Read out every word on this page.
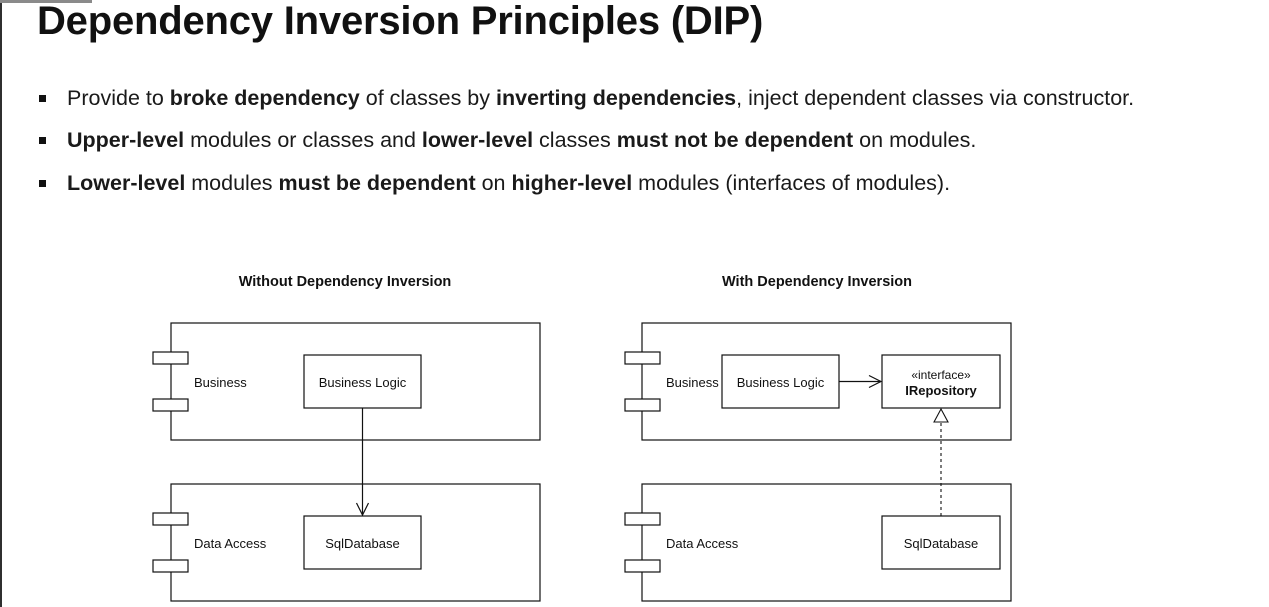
Dependency Inversion Principles (DIP)
Provide to broke dependency of classes by inverting dependencies, inject dependent classes via constructor.
Upper-level modules or classes and lower-level classes must not be dependent on modules.
Lower-level modules must be dependent on higher-level modules (interfaces of modules).
Without Dependency Inversion
Business	Business Logic
Data Access	SqlDatabase
With Dependency Inversion
Business Business Logic	«interface»
IRepository
Data Access	SqlDatabase
